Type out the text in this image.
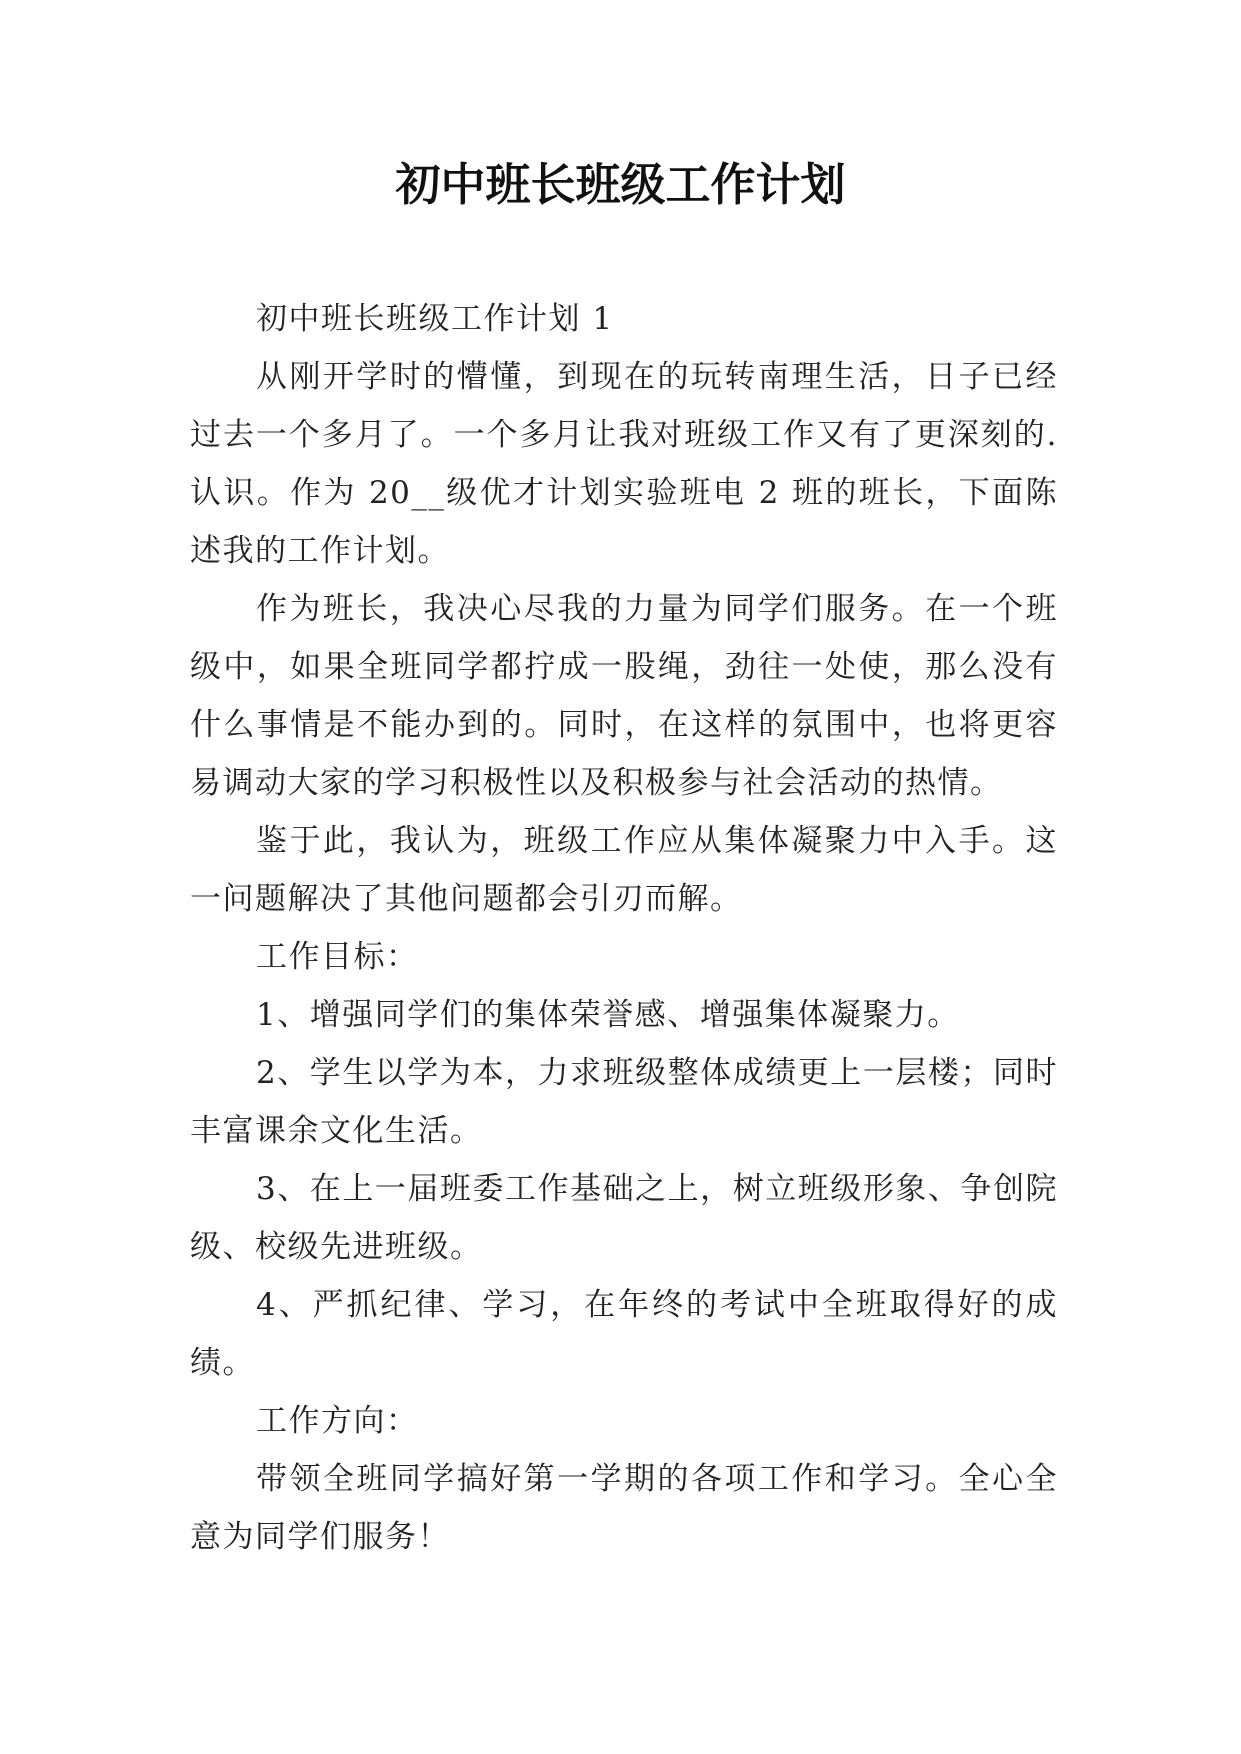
初中班长班级工作计划

初中班长班级工作计划 1

从刚开学时的懵懂，到现在的玩转南理生活，日子已经过去一个多月了。一个多月让我对班级工作又有了更深刻的.认识。作为 20__级优才计划实验班电 2 班的班长，下面陈述我的工作计划。

作为班长，我决心尽我的力量为同学们服务。在一个班级中，如果全班同学都拧成一股绳，劲往一处使，那么没有什么事情是不能办到的。同时，在这样的氛围中，也将更容易调动大家的学习积极性以及积极参与社会活动的热情。

鉴于此，我认为，班级工作应从集体凝聚力中入手。这一问题解决了其他问题都会引刃而解。

工作目标：

1、增强同学们的集体荣誉感、增强集体凝聚力。

2、学生以学为本，力求班级整体成绩更上一层楼；同时丰富课余文化生活。

3、在上一届班委工作基础之上，树立班级形象、争创院级、校级先进班级。

4、严抓纪律、学习，在年终的考试中全班取得好的成绩。

工作方向：

带领全班同学搞好第一学期的各项工作和学习。全心全意为同学们服务！
